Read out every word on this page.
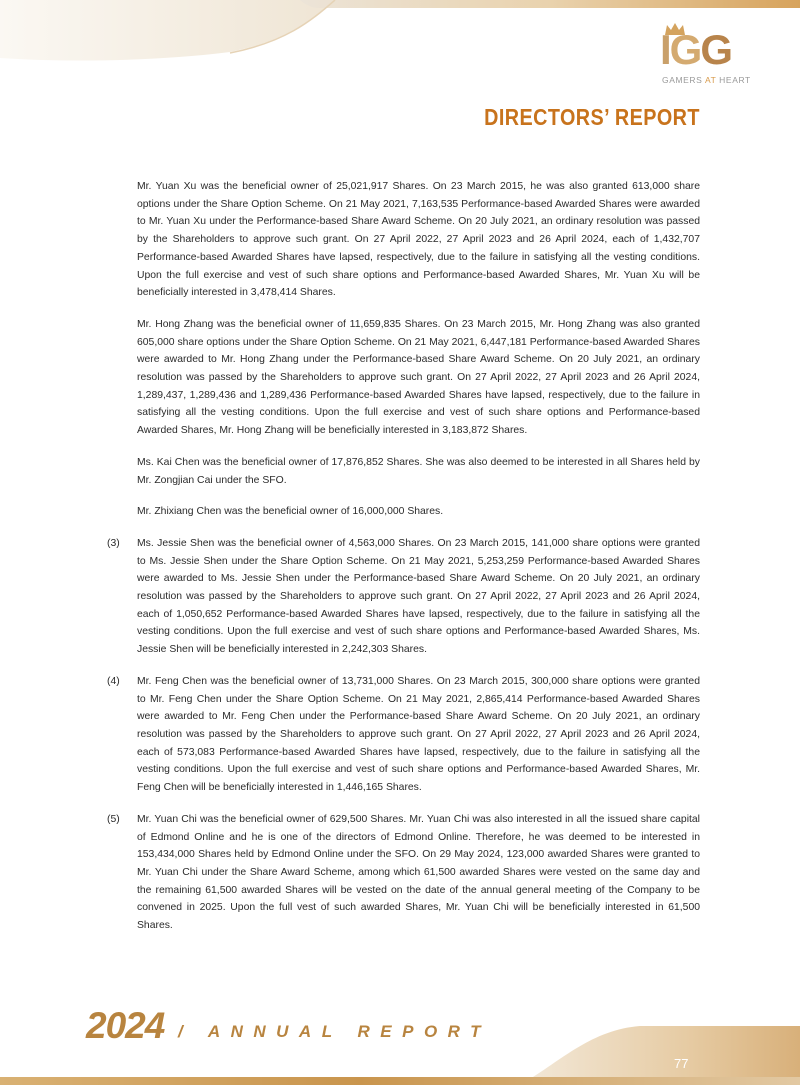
IGG
GAMERS AT HEART
DIRECTORS’ REPORT

Mr. Yuan Xu was the beneficial owner of 25,021,917 Shares. On 23 March 2015, he was also granted 613,000 share options under the Share Option Scheme. On 21 May 2021, 7,163,535 Performance-based Awarded Shares were awarded to Mr. Yuan Xu under the Performance-based Share Award Scheme. On 20 July 2021, an ordinary resolution was passed by the Shareholders to approve such grant. On 27 April 2022, 27 April 2023 and 26 April 2024, each of 1,432,707 Performance-based Awarded Shares have lapsed, respectively, due to the failure in satisfying all the vesting conditions. Upon the full exercise and vest of such share options and Performance-based Awarded Shares, Mr. Yuan Xu will be beneficially interested in 3,478,414 Shares.

Mr. Hong Zhang was the beneficial owner of 11,659,835 Shares. On 23 March 2015, Mr. Hong Zhang was also granted 605,000 share options under the Share Option Scheme. On 21 May 2021, 6,447,181 Performance-based Awarded Shares were awarded to Mr. Hong Zhang under the Performance-based Share Award Scheme. On 20 July 2021, an ordinary resolution was passed by the Shareholders to approve such grant. On 27 April 2022, 27 April 2023 and 26 April 2024, 1,289,437, 1,289,436 and 1,289,436 Performance-based Awarded Shares have lapsed, respectively, due to the failure in satisfying all the vesting conditions. Upon the full exercise and vest of such share options and Performance-based Awarded Shares, Mr. Hong Zhang will be beneficially interested in 3,183,872 Shares.

Ms. Kai Chen was the beneficial owner of 17,876,852 Shares. She was also deemed to be interested in all Shares held by Mr. Zongjian Cai under the SFO.

Mr. Zhixiang Chen was the beneficial owner of 16,000,000 Shares.

(3)	Ms. Jessie Shen was the beneficial owner of 4,563,000 Shares. On 23 March 2015, 141,000 share options were granted to Ms. Jessie Shen under the Share Option Scheme. On 21 May 2021, 5,253,259 Performance-based Awarded Shares were awarded to Ms. Jessie Shen under the Performance-based Share Award Scheme. On 20 July 2021, an ordinary resolution was passed by the Shareholders to approve such grant. On 27 April 2022, 27 April 2023 and 26 April 2024, each of 1,050,652 Performance-based Awarded Shares have lapsed, respectively, due to the failure in satisfying all the vesting conditions. Upon the full exercise and vest of such share options and Performance-based Awarded Shares, Ms. Jessie Shen will be beneficially interested in 2,242,303 Shares.

(4)	Mr. Feng Chen was the beneficial owner of 13,731,000 Shares. On 23 March 2015, 300,000 share options were granted to Mr. Feng Chen under the Share Option Scheme. On 21 May 2021, 2,865,414 Performance-based Awarded Shares were awarded to Mr. Feng Chen under the Performance-based Share Award Scheme. On 20 July 2021, an ordinary resolution was passed by the Shareholders to approve such grant. On 27 April 2022, 27 April 2023 and 26 April 2024, each of 573,083 Performance-based Awarded Shares have lapsed, respectively, due to the failure in satisfying all the vesting conditions. Upon the full exercise and vest of such share options and Performance-based Awarded Shares, Mr. Feng Chen will be beneficially interested in 1,446,165 Shares.

(5)	Mr. Yuan Chi was the beneficial owner of 629,500 Shares. Mr. Yuan Chi was also interested in all the issued share capital of Edmond Online and he is one of the directors of Edmond Online. Therefore, he was deemed to be interested in 153,434,000 Shares held by Edmond Online under the SFO. On 29 May 2024, 123,000 awarded Shares were granted to Mr. Yuan Chi under the Share Award Scheme, among which 61,500 awarded Shares were vested on the same day and the remaining 61,500 awarded Shares will be vested on the date of the annual general meeting of the Company to be convened in 2025. Upon the full vest of such awarded Shares, Mr. Yuan Chi will be beneficially interested in 61,500 Shares.

2024 / ANNUAL REPORT
77
